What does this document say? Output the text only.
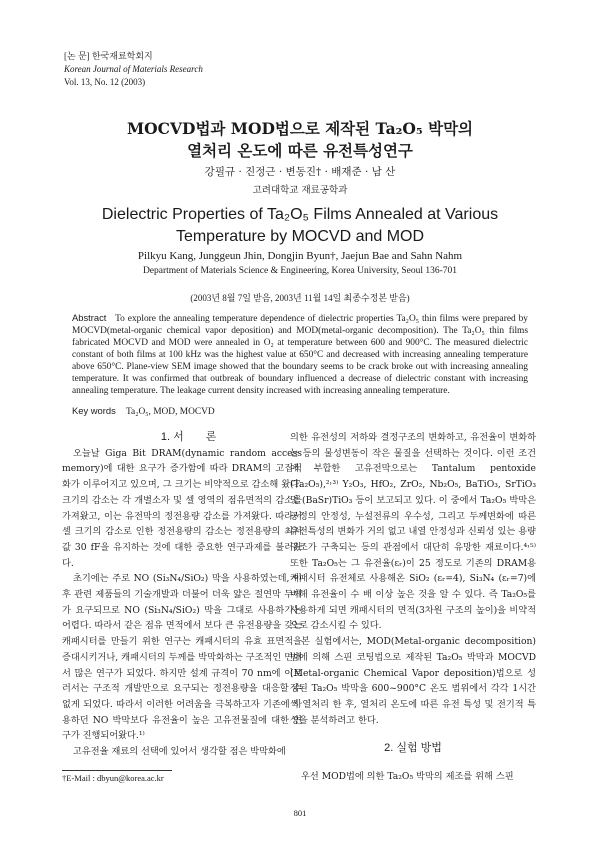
[논 문] 한국재료학회지
Korean Journal of Materials Research
Vol. 13, No. 12 (2003)
MOCVD법과 MOD법으로 제작된 Ta₂O₅ 박막의
열처리 온도에 따른 유전특성연구
강필규 · 진정근 · 변동진† · 배재준 · 남 산
고려대학교 재료공학과
Dielectric Properties of Ta₂O₅ Films Annealed at Various
Temperature by MOCVD and MOD
Pilkyu Kang, Junggeun Jhin, Dongjin Byun†, Jaejun Bae and Sahn Nahm
Department of Materials Science & Engineering, Korea University, Seoul 136-701
(2003년 8월 7일 받음, 2003년 11월 14일 최종수정본 받음)
Abstract To explore the annealing temperature dependence of dielectric properties Ta₂O₅ thin films were prepared by MOCVD(metal-organic chemical vapor deposition) and MOD(metal-organic decomposition). The Ta₂O₅ thin films fabricated MOCVD and MOD were annealed in O₂ at temperature between 600 and 900°C. The measured dielectric constant of both films at 100 kHz was the highest value at 650°C and decreased with increasing annealing temperature above 650°C. Plane-view SEM image showed that the boundary seems to be crack broke out with increasing annealing temperature. It was confirmed that outbreak of boundary influenced a decrease of dielectric constant with increasing annealing temperature. The leakage current density increased with increasing annealing temperature.
Key words Ta₂O₅, MOD, MOCVD

1. 서　　론

오늘날 Giga Bit DRAM(dynamic random access memory)에 대한 요구가 증가함에 따라 DRAM의 고집적화가 이루어지고 있으며, 그 크기는 비약적으로 감소해 왔다. 크기의 감소는 각 개별소자 및 셀 영역의 점유면적의 감소를 가져왔고, 이는 유전막의 정전용량 감소를 가져왔다. 따라서 셀 크기의 감소로 인한 정전용량의 감소는 정전용량의 최저값 30 fF을 유지하는 것에 대한 중요한 연구과제를 불러왔다.

초기에는 주로 NO (Si₃N₄/SiO₂) 막을 사용하였는데, 이후 관련 제품들의 기술개발과 더불어 더욱 얇은 절연막 두께가 요구되므로 NO (Si₃N₄/SiO₂) 막을 그대로 사용하기는 어렵다. 따라서 같은 점유 면적에서 보다 큰 유전용량을 갖는 캐패시터를 만들기 위한 연구는 캐패시터의 유효 표면적을 증대시키거나, 캐패시터의 두께를 박막화하는 구조적인 면에서 많은 연구가 되었다. 하지만 설계 규격이 70 nm에 이르러서는 구조적 개발만으로 요구되는 정전용량을 대응할 수 없게 되었다. 따라서 이러한 어려움을 극복하고자 기존에 사용하던 NO 박막보다 유전율이 높은 고유전물질에 대한 연구가 진행되어왔다.¹⁾

고유전율 재료의 선택에 있어서 생각할 점은 박막화에

의한 유전성의 저하와 결정구조의 변화하고, 유전율이 변화하는 등의 물성변동이 작은 물질을 선택하는 것이다. 이런 조건에 부합한 고유전막으로는 Tantalum pentoxide (Ta₂O₅),²˒³⁾ Y₂O₃, HfO₂, ZrO₂, Nb₂O₅, BaTiO₃, SrTiO₃ 및 (BaSr)TiO₃ 등이 보고되고 있다. 이 중에서 Ta₂O₅ 박막은 공정의 안정성, 누설전류의 우수성, 그리고 두께변화에 따른 유전특성의 변화가 거의 없고 내열 안정성과 신뢰성 있는 용량구조가 구축되는 등의 관점에서 대단히 유망한 재료이다.⁴˒⁵⁾ 또한 Ta₂O₅는 그 유전율(εᵣ)이 25 정도로 기존의 DRAM용 캐패시터 유전체로 사용해온 SiO₂ (εᵣ=4), Si₃N₄ (εᵣ=7)에 비해 유전율이 수 배 이상 높은 것을 알 수 있다. 즉 Ta₂O₅를 사용하게 되면 캐패시터의 면적(3차원 구조의 높이)을 비약적으로 감소시킬 수 있다.

본 실험에서는, MOD(Metal-organic decomposition)법에 의해 스핀 코팅법으로 제작된 Ta₂O₅ 박막과 MOCVD (Metal-organic Chemical Vapor deposition)법으로 성장된 Ta₂O₅ 박막을 600~900°C 온도 범위에서 각각 1시간씩 열처리 한 후, 열처리 온도에 따른 유전 특성 및 전기적 특성을 분석하려고 한다.

2. 실험 방법
우선 MOD법에 의한 Ta₂O₅ 박막의 제조를 위해 스핀
†E-Mail : dbyun@korea.ac.kr
801
